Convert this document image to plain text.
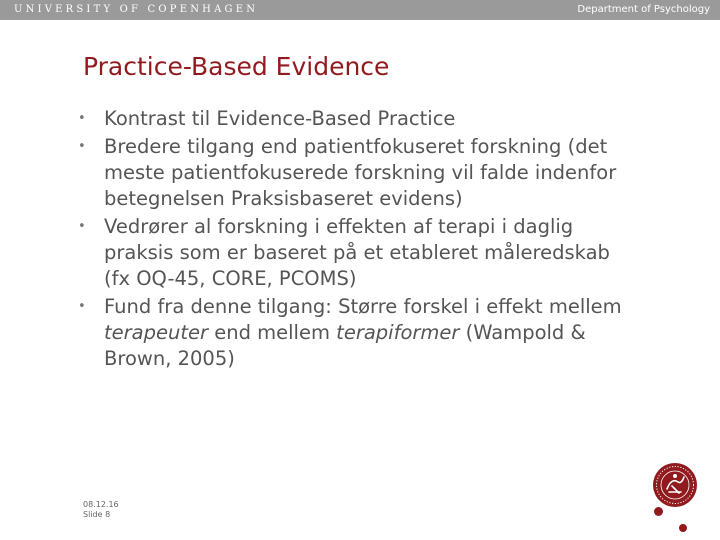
UNIVERSITY OF COPENHAGEN	Department of Psychology
Practice-Based Evidence
•
Kontrast til Evidence-Based Practice
•
Bredere tilgang end patientfokuseret forskning (det meste patientfokuserede forskning vil falde indenfor betegnelsen Praksisbaseret evidens)
•
Vedrører al forskning i effekten af terapi i daglig praksis som er baseret på et etableret måleredskab (fx OQ-45, CORE, PCOMS)
•
Fund fra denne tilgang: Større forskel i effekt mellem terapeuter end mellem terapiformer (Wampold & Brown, 2005)
08.12.16
Slide 8
